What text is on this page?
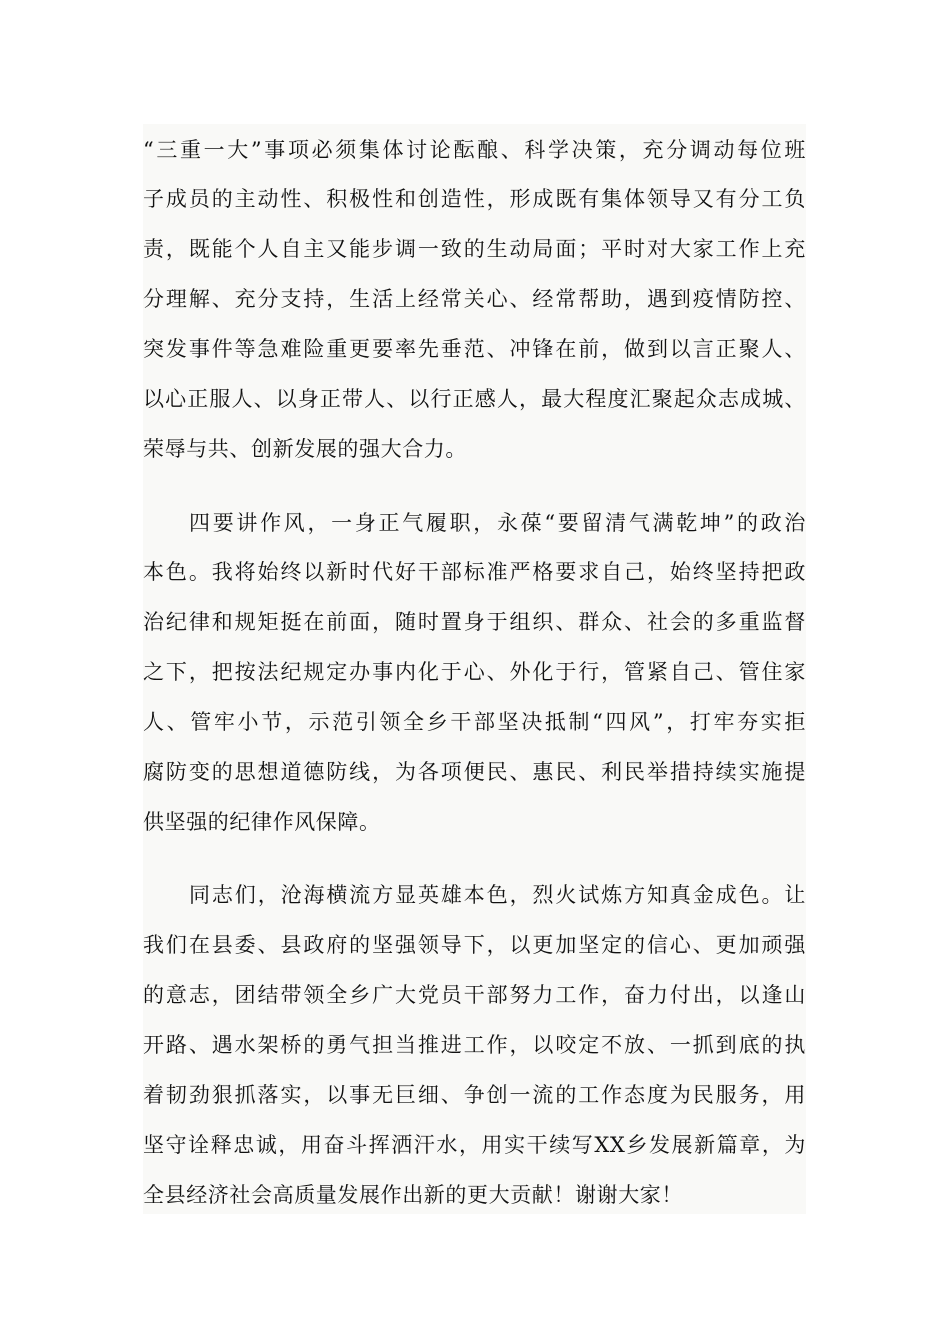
“三重一大”事项必须集体讨论酝酿、科学决策，充分调动每位班
子成员的主动性、积极性和创造性，形成既有集体领导又有分工负
责，既能个人自主又能步调一致的生动局面；平时对大家工作上充
分理解、充分支持，生活上经常关心、经常帮助，遇到疫情防控、
突发事件等急难险重更要率先垂范、冲锋在前，做到以言正聚人、
以心正服人、以身正带人、以行正感人，最大程度汇聚起众志成城、
荣辱与共、创新发展的强大合力。
四要讲作风，一身正气履职，永葆“要留清气满乾坤”的政治
本色。我将始终以新时代好干部标准严格要求自己，始终坚持把政
治纪律和规矩挺在前面，随时置身于组织、群众、社会的多重监督
之下，把按法纪规定办事内化于心、外化于行，管紧自己、管住家
人、管牢小节，示范引领全乡干部坚决抵制“四风”，打牢夯实拒
腐防变的思想道德防线，为各项便民、惠民、利民举措持续实施提
供坚强的纪律作风保障。
同志们，沧海横流方显英雄本色，烈火试炼方知真金成色。让
我们在县委、县政府的坚强领导下，以更加坚定的信心、更加顽强
的意志，团结带领全乡广大党员干部努力工作，奋力付出，以逢山
开路、遇水架桥的勇气担当推进工作，以咬定不放、一抓到底的执
着韧劲狠抓落实，以事无巨细、争创一流的工作态度为民服务，用
坚守诠释忠诚，用奋斗挥洒汗水，用实干续写XX乡发展新篇章，为
全县经济社会高质量发展作出新的更大贡献！谢谢大家！
